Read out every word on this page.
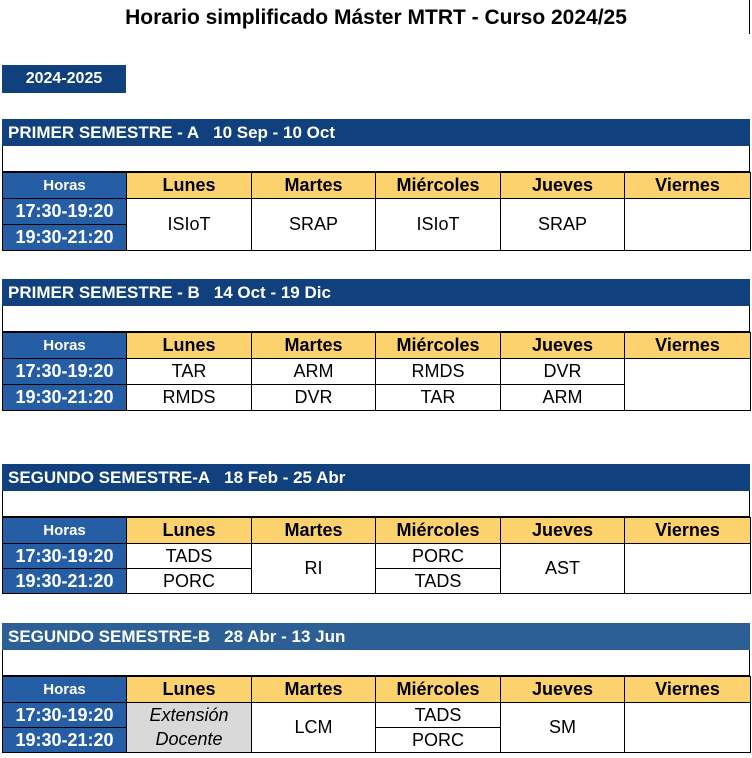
Horario simplificado Máster MTRT - Curso 2024/25
2024-2025
PRIMER SEMESTRE - A 10 Sep - 10 Oct
Horas	Lunes	Martes	Miércoles	Jueves	Viernes
17:30-19:20	ISIoT	SRAP	ISIoT	SRAP	
19:30-21:20					
PRIMER SEMESTRE - B 14 Oct - 19 Dic
Horas	Lunes	Martes	Miércoles	Jueves	Viernes
17:30-19:20	TAR	ARM	RMDS	DVR	
19:30-21:20	RMDS	DVR	TAR	ARM	
SEGUNDO SEMESTRE-A 18 Feb - 25 Abr
Horas	Lunes	Martes	Miércoles	Jueves	Viernes
17:30-19:20	TADS	RI	PORC	AST	
19:30-21:20	PORC		TADS		
SEGUNDO SEMESTRE-B 28 Abr - 13 Jun
Horas	Lunes	Martes	Miércoles	Jueves	Viernes
17:30-19:20	Extensión	LCM	TADS	SM	
19:30-21:20	Docente		PORC		
